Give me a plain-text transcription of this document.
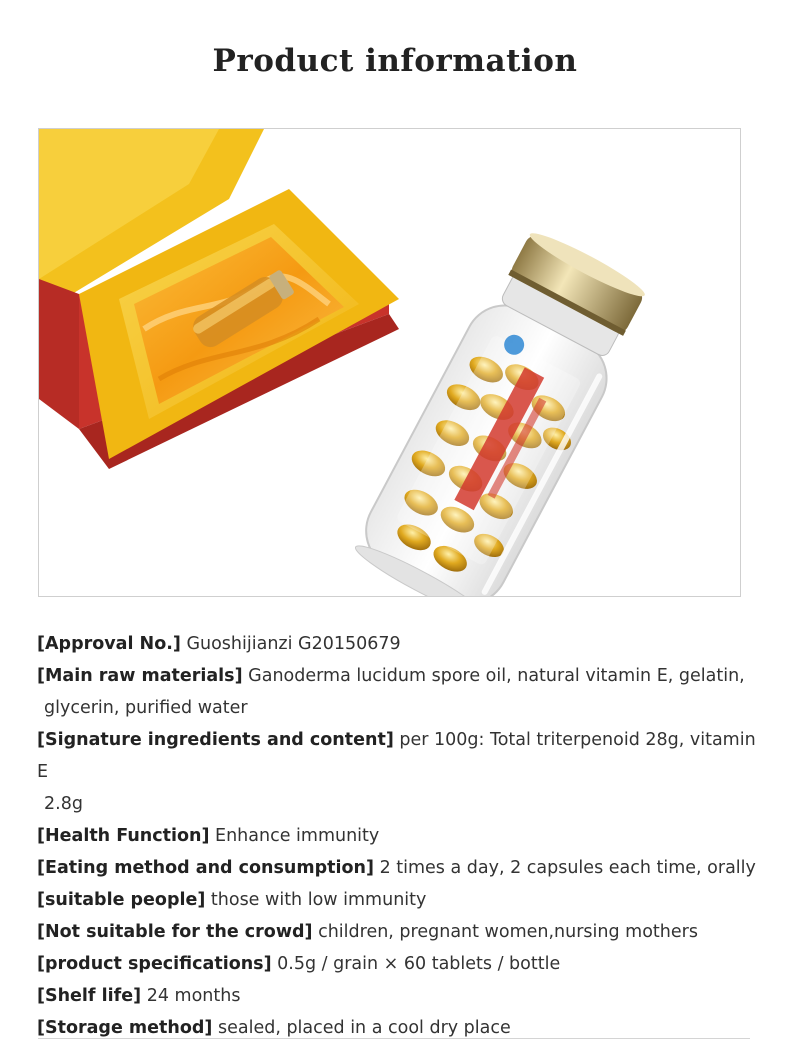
Product information
[Approval No.] Guoshijianzi G20150679
[Main raw materials] Ganoderma lucidum spore oil, natural vitamin E, gelatin,
glycerin, purified water
[Signature ingredients and content] per 100g: Total triterpenoid 28g, vitamin E
2.8g
[Health Function] Enhance immunity
[Eating method and consumption] 2 times a day, 2 capsules each time, orally
[suitable people] those with low immunity
[Not suitable for the crowd] children, pregnant women,nursing mothers
[product specifications] 0.5g / grain × 60 tablets / bottle
[Shelf life] 24 months
[Storage method] sealed, placed in a cool dry place
